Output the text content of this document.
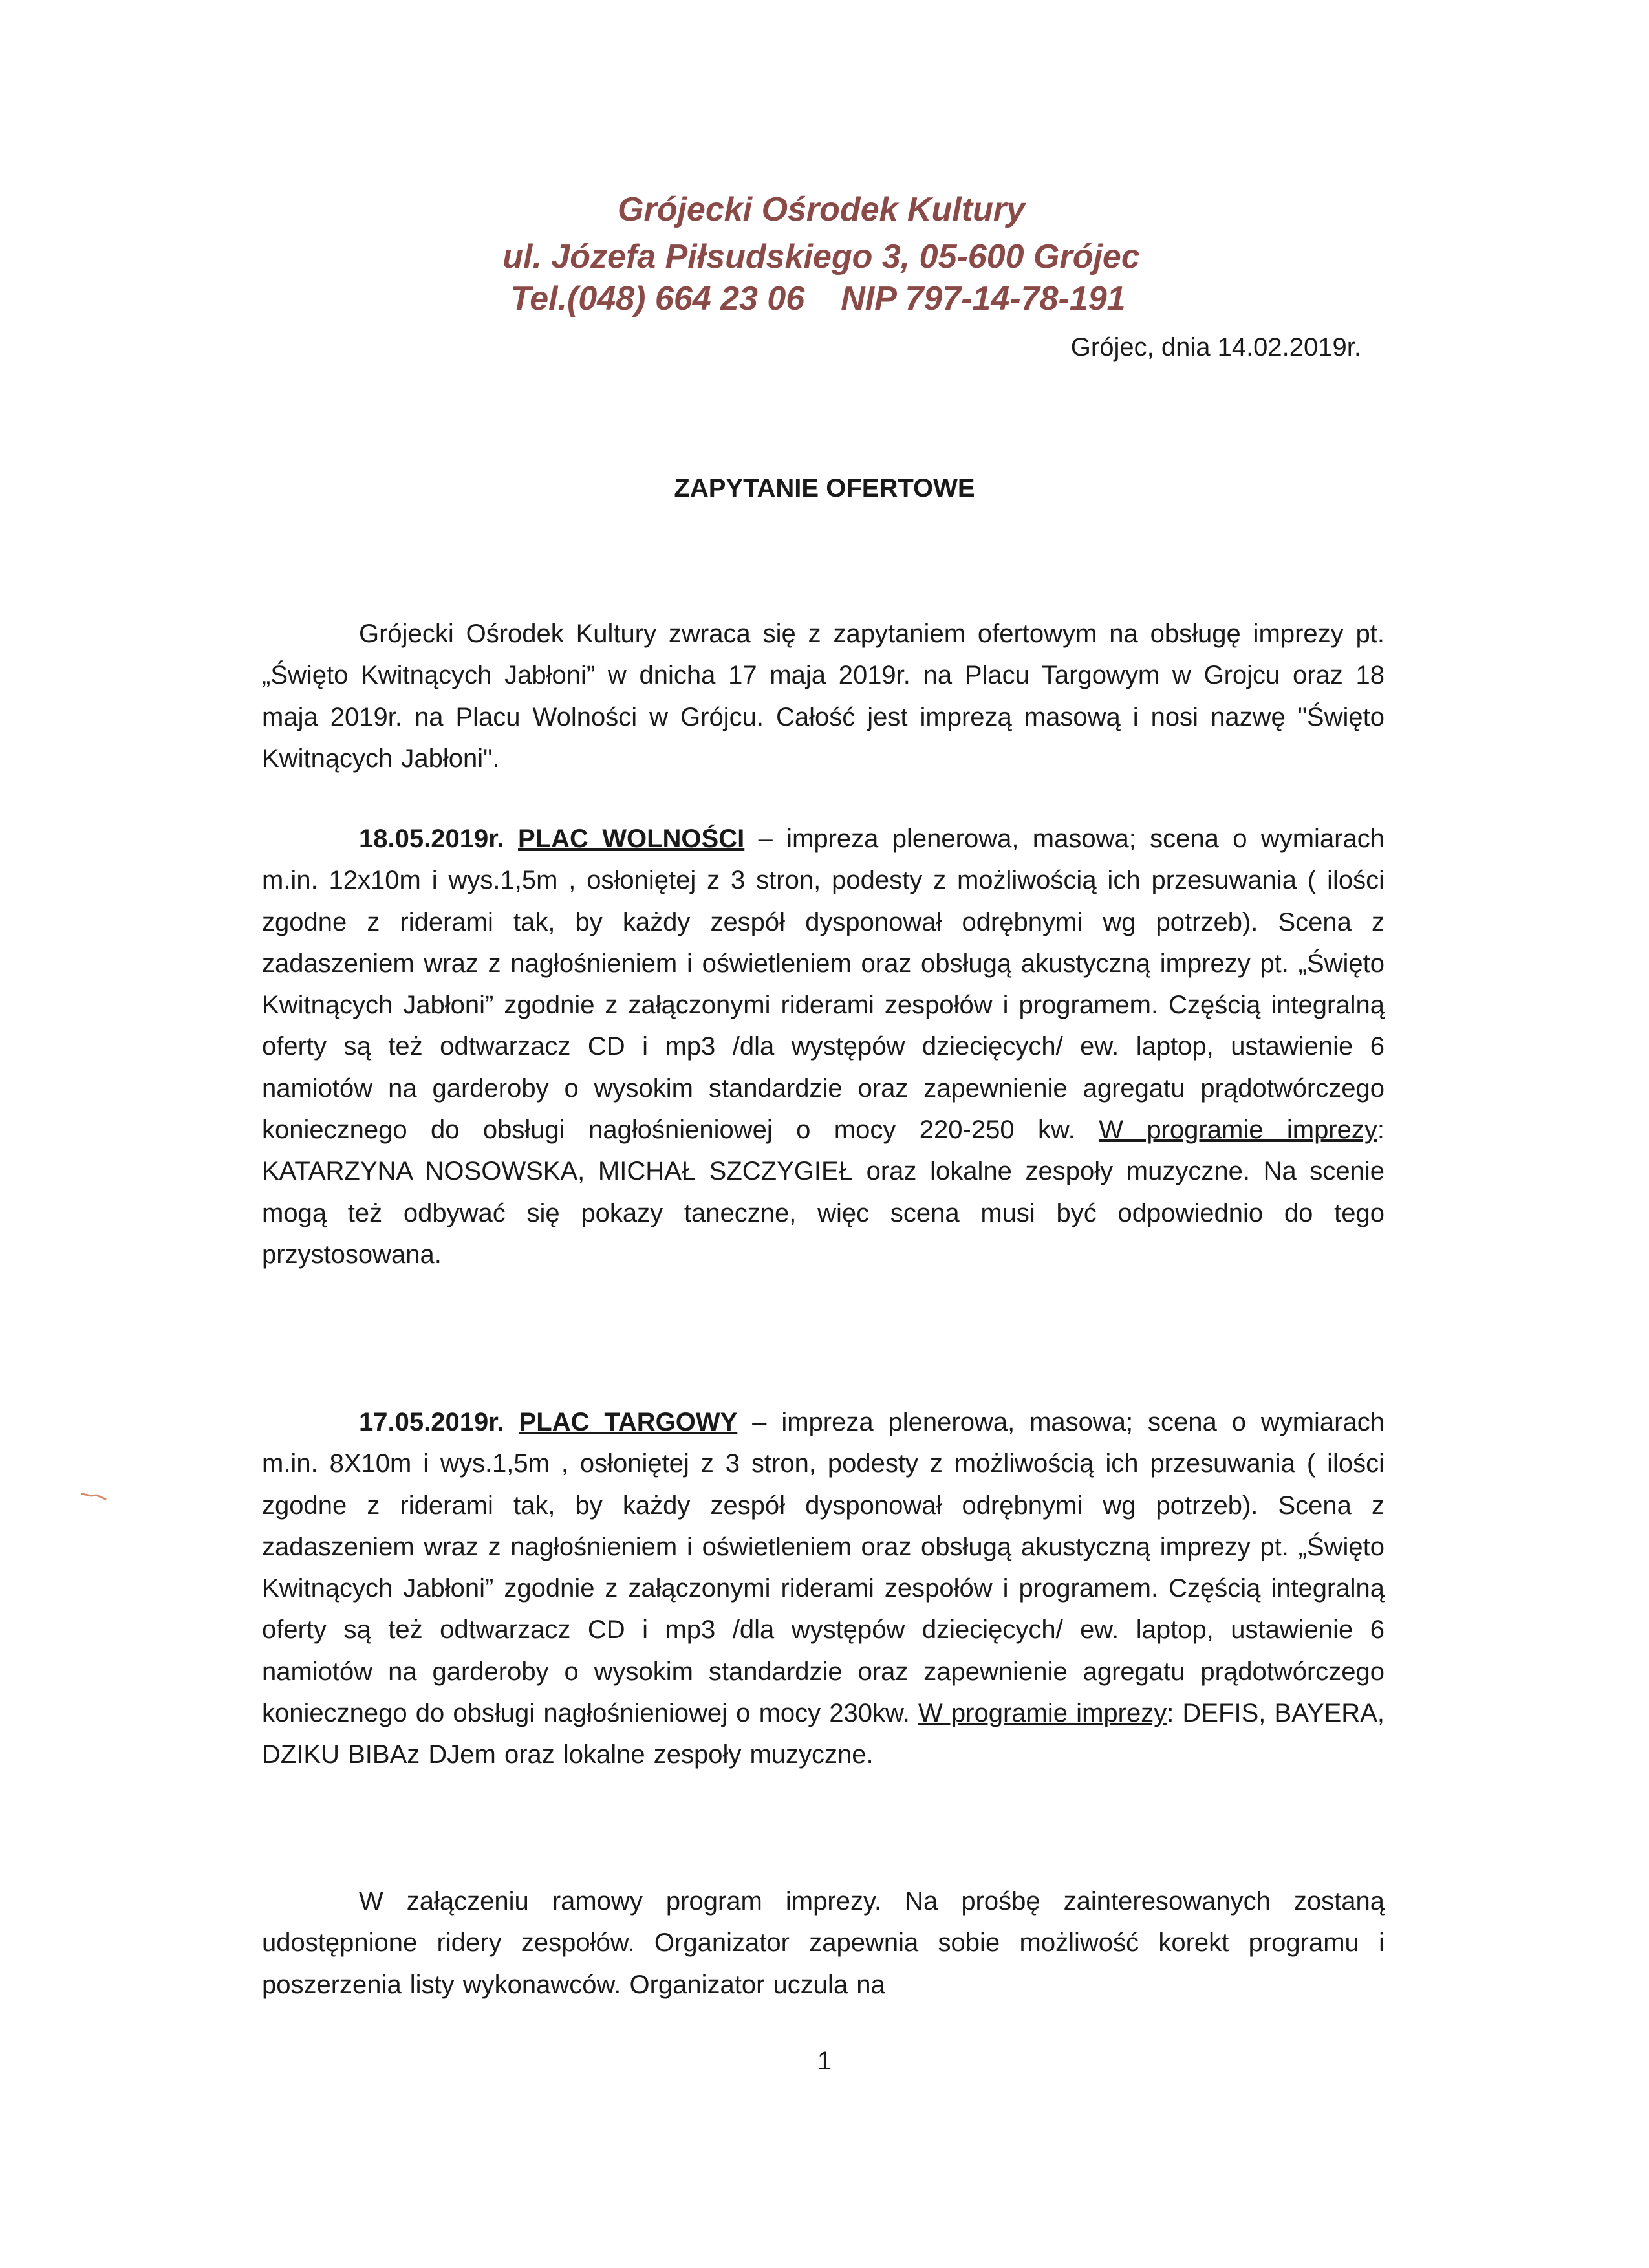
Grójecki Ośrodek Kultury
ul. Józefa Piłsudskiego 3, 05-600 Grójec
Tel.(048) 664 23 06 NIP 797-14-78-191
Grójec, dnia 14.02.2019r.
ZAPYTANIE OFERTOWE
Grójecki Ośrodek Kultury zwraca się z zapytaniem ofertowym na obsługę imprezy pt. „Święto Kwitnących Jabłoni” w dnicha 17 maja 2019r. na Placu Targowym w Grojcu oraz 18 maja 2019r. na Placu Wolności w Grójcu. Całość jest imprezą masową i nosi nazwę "Święto Kwitnących Jabłoni".
18.05.2019r. PLAC WOLNOŚCI – impreza plenerowa, masowa; scena o wymiarach m.in. 12x10m i wys.1,5m , osłoniętej z 3 stron, podesty z możliwością ich przesuwania ( ilości zgodne z riderami tak, by każdy zespół dysponował odrębnymi wg potrzeb). Scena z zadaszeniem wraz z nagłośnieniem i oświetleniem oraz obsługą akustyczną imprezy pt. „Święto Kwitnących Jabłoni” zgodnie z załączonymi riderami zespołów i programem. Częścią integralną oferty są też odtwarzacz CD i mp3 /dla występów dziecięcych/ ew. laptop, ustawienie 6 namiotów na garderoby o wysokim standardzie oraz zapewnienie agregatu prądotwórczego koniecznego do obsługi nagłośnieniowej o mocy 220-250 kw. W programie imprezy: KATARZYNA NOSOWSKA, MICHAŁ SZCZYGIEŁ oraz lokalne zespoły muzyczne. Na scenie mogą też odbywać się pokazy taneczne, więc scena musi być odpowiednio do tego przystosowana.
17.05.2019r. PLAC TARGOWY – impreza plenerowa, masowa; scena o wymiarach m.in. 8X10m i wys.1,5m , osłoniętej z 3 stron, podesty z możliwością ich przesuwania ( ilości zgodne z riderami tak, by każdy zespół dysponował odrębnymi wg potrzeb). Scena z zadaszeniem wraz z nagłośnieniem i oświetleniem oraz obsługą akustyczną imprezy pt. „Święto Kwitnących Jabłoni” zgodnie z załączonymi riderami zespołów i programem. Częścią integralną oferty są też odtwarzacz CD i mp3 /dla występów dziecięcych/ ew. laptop, ustawienie 6 namiotów na garderoby o wysokim standardzie oraz zapewnienie agregatu prądotwórczego koniecznego do obsługi nagłośnieniowej o mocy 230kw. W programie imprezy: DEFIS, BAYERA, DZIKU BIBAz DJem oraz lokalne zespoły muzyczne.
W załączeniu ramowy program imprezy. Na prośbę zainteresowanych zostaną udostępnione ridery zespołów. Organizator zapewnia sobie możliwość korekt programu i poszerzenia listy wykonawców. Organizator uczula na
1
